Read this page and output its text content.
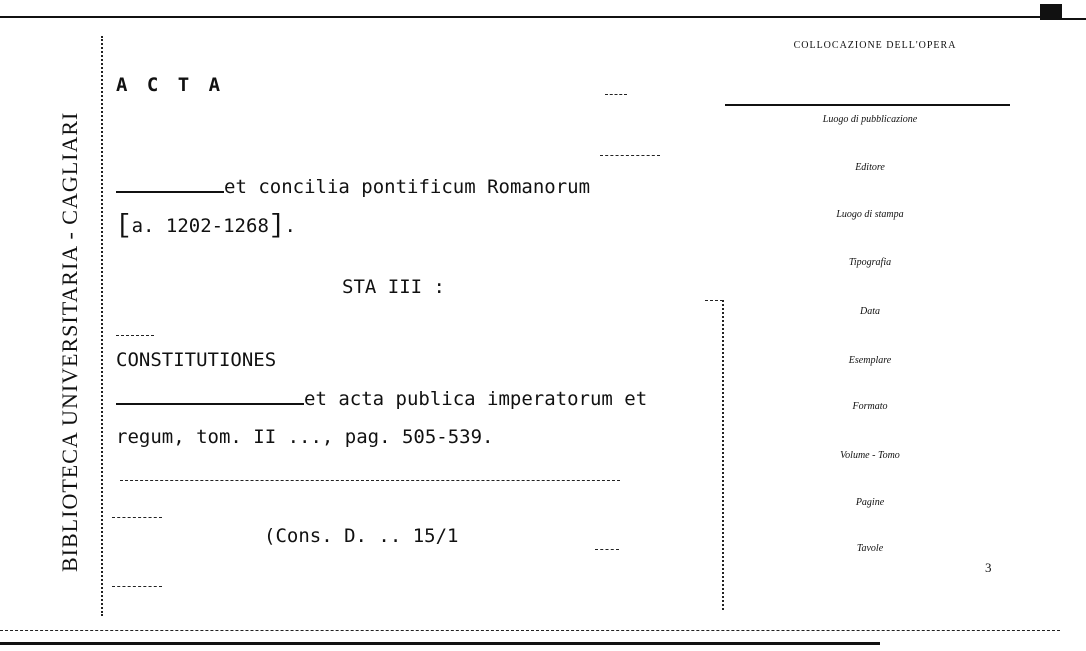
BIBLIOTECA UNIVERSITARIA - CAGLIARI
A C T A
et concilia pontificum Romanorum
[a. 1202-1268].
STA III :
CONSTITUTIONES
et acta publica imperatorum et
regum, tom. II ..., pag. 505-539.
(Cons. D. .. 15/1
COLLOCAZIONE DELL'OPERA
Luogo di pubblicazione
Editore
Luogo di stampa
Tipografia
Data
Esemplare
Formato
Volume - Tomo
Pagine
Tavole
3
